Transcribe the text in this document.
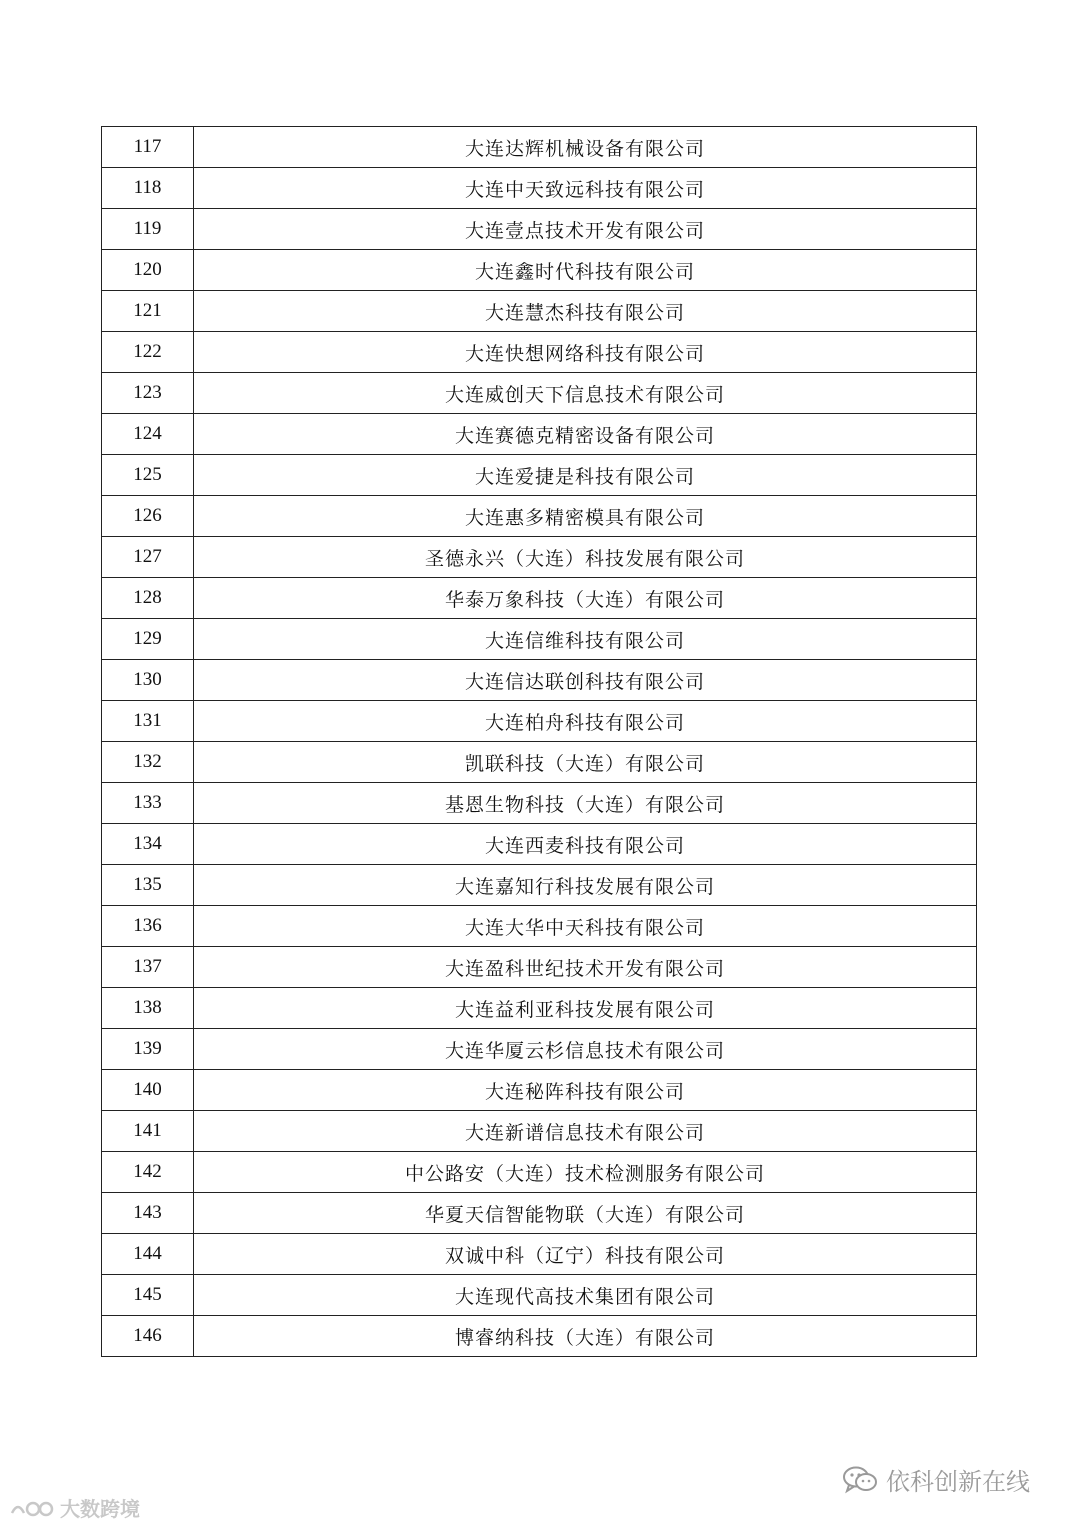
117	大连达辉机械设备有限公司
118	大连中天致远科技有限公司
119	大连壹点技术开发有限公司
120	大连鑫时代科技有限公司
121	大连慧杰科技有限公司
122	大连快想网络科技有限公司
123	大连威创天下信息技术有限公司
124	大连赛德克精密设备有限公司
125	大连爱捷是科技有限公司
126	大连惠多精密模具有限公司
127	圣德永兴（大连）科技发展有限公司
128	华泰万象科技（大连）有限公司
129	大连信维科技有限公司
130	大连信达联创科技有限公司
131	大连柏舟科技有限公司
132	凯联科技（大连）有限公司
133	基恩生物科技（大连）有限公司
134	大连西麦科技有限公司
135	大连嘉知行科技发展有限公司
136	大连大华中天科技有限公司
137	大连盈科世纪技术开发有限公司
138	大连益利亚科技发展有限公司
139	大连华厦云杉信息技术有限公司
140	大连秘阵科技有限公司
141	大连新谱信息技术有限公司
142	中公路安（大连）技术检测服务有限公司
143	华夏天信智能物联（大连）有限公司
144	双诚中科（辽宁）科技有限公司
145	大连现代高技术集团有限公司
146	博睿纳科技（大连）有限公司
大数跨境
依科创新在线
